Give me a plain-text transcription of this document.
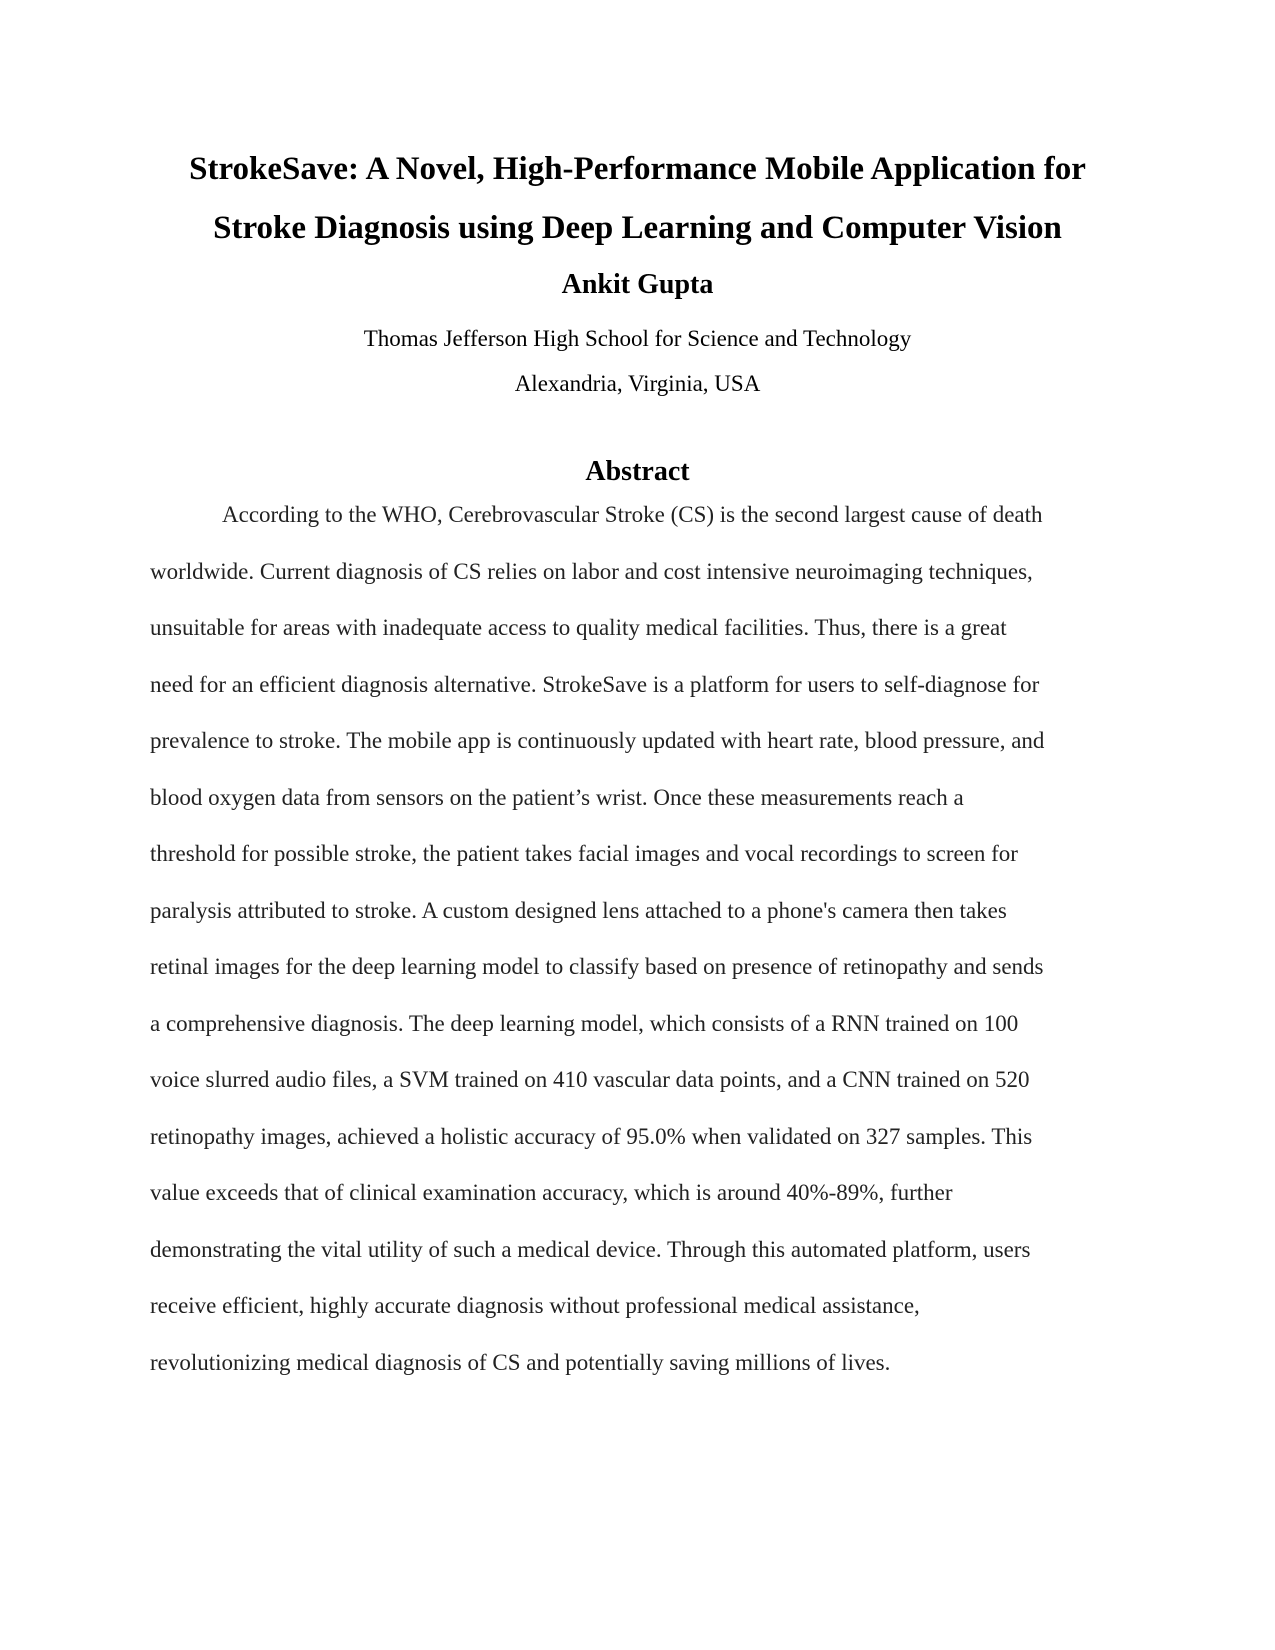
StrokeSave: A Novel, High-Performance Mobile Application for
Stroke Diagnosis using Deep Learning and Computer Vision
Ankit Gupta
Thomas Jefferson High School for Science and Technology
Alexandria, Virginia, USA
Abstract
According to the WHO, Cerebrovascular Stroke (CS) is the second largest cause of death
worldwide. Current diagnosis of CS relies on labor and cost intensive neuroimaging techniques,
unsuitable for areas with inadequate access to quality medical facilities. Thus, there is a great
need for an efficient diagnosis alternative. StrokeSave is a platform for users to self-diagnose for
prevalence to stroke. The mobile app is continuously updated with heart rate, blood pressure, and
blood oxygen data from sensors on the patient’s wrist. Once these measurements reach a
threshold for possible stroke, the patient takes facial images and vocal recordings to screen for
paralysis attributed to stroke. A custom designed lens attached to a phone's camera then takes
retinal images for the deep learning model to classify based on presence of retinopathy and sends
a comprehensive diagnosis. The deep learning model, which consists of a RNN trained on 100
voice slurred audio files, a SVM trained on 410 vascular data points, and a CNN trained on 520
retinopathy images, achieved a holistic accuracy of 95.0% when validated on 327 samples. This
value exceeds that of clinical examination accuracy, which is around 40%-89%, further
demonstrating the vital utility of such a medical device. Through this automated platform, users
receive efficient, highly accurate diagnosis without professional medical assistance,
revolutionizing medical diagnosis of CS and potentially saving millions of lives.
